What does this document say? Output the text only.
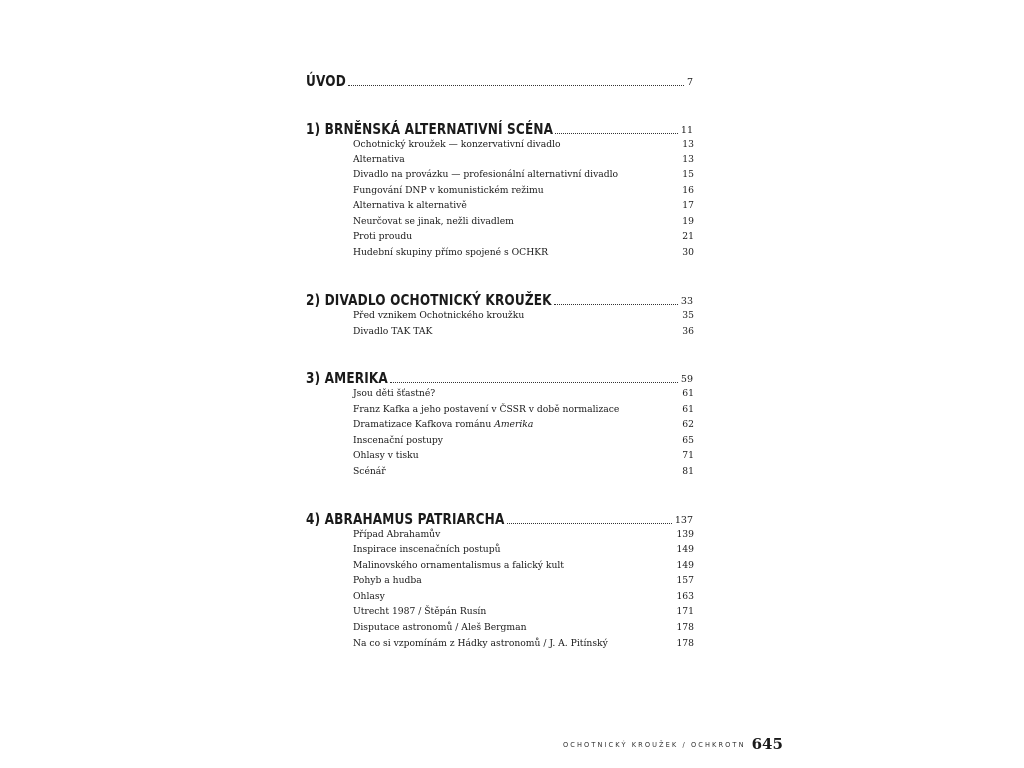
ÚVOD	7
1) BRNĚNSKÁ ALTERNATIVNÍ SCÉNA	11
Ochotnický kroužek — konzervativní divadlo	13
Alternativa	13
Divadlo na provázku — profesionální alternativní divadlo	15
Fungování DNP v komunistickém režimu	16
Alternativa k alternativě	17
Neurčovat se jinak, nežli divadlem	19
Proti proudu	21
Hudební skupiny přímo spojené s OCHKR	30
2) DIVADLO OCHOTNICKÝ KROUŽEK	33
Před vznikem Ochotnického kroužku	35
Divadlo TAK TAK	36
3) AMERIKA	59
Jsou děti šťastné?	61
Franz Kafka a jeho postavení v ČSSR v době normalizace	61
Dramatizace Kafkova románu Amerika	62
Inscenační postupy	65
Ohlasy v tisku	71
Scénář	81
4) ABRAHAMUS PATRIARCHA	137
Případ Abrahamův	139
Inspirace inscenačních postupů	149
Malinovského ornamentalismus a falický kult	149
Pohyb a hudba	157
Ohlasy	163
Utrecht 1987 / Štěpán Rusín	171
Disputace astronomů / Aleš Bergman	178
Na co si vzpomínám z Hádky astronomů / J. A. Pitínský	178
OCHOTNICKÝ KROUŽEK / OCHKROTN 645
